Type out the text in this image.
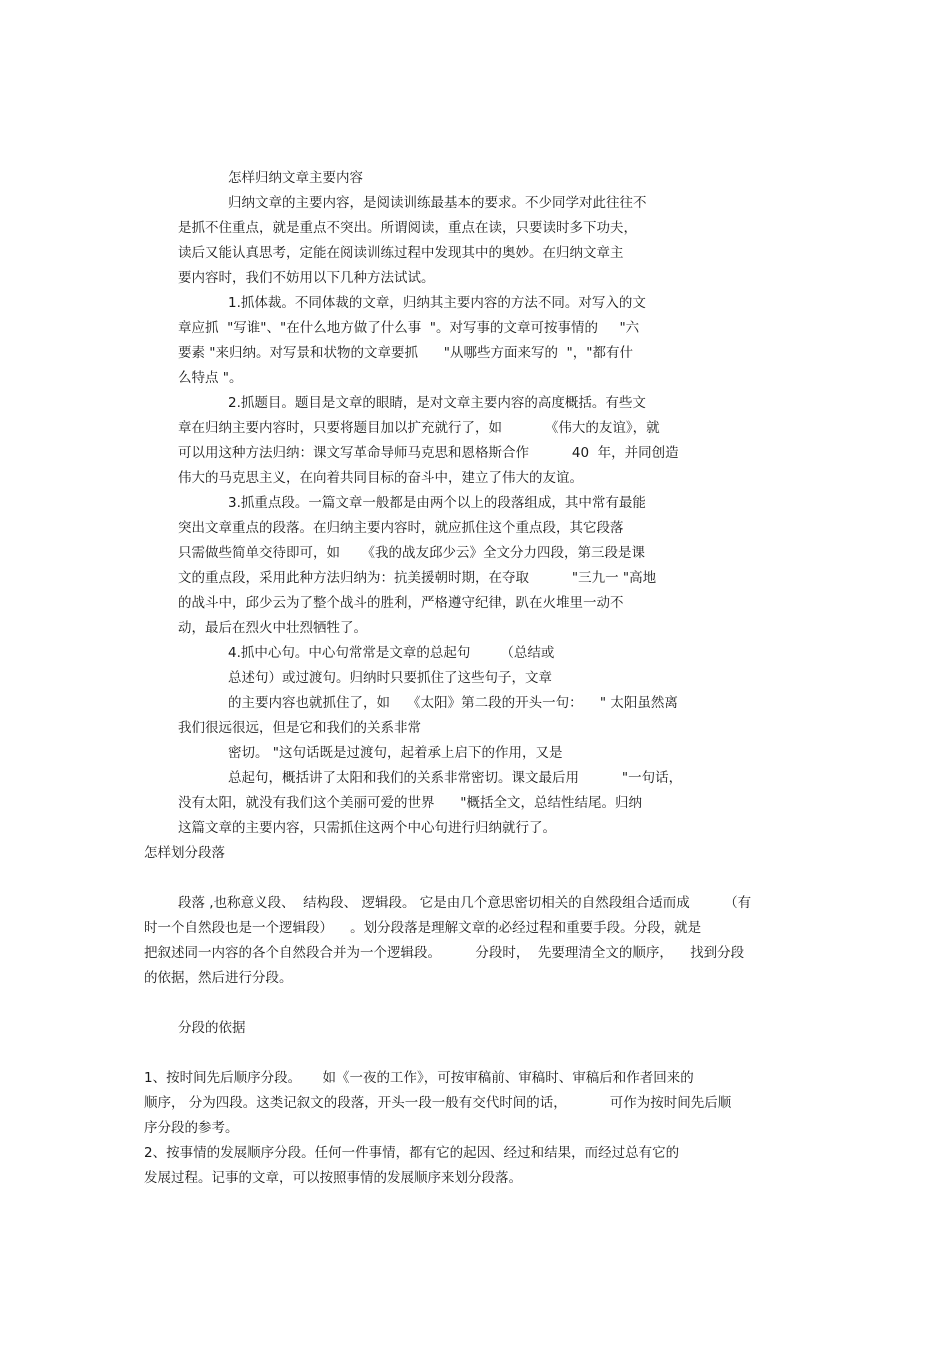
怎样归纳文章主要内容
归纳文章的主要内容，是阅读训练最基本的要求。不少同学对此往往不
是抓不住重点，就是重点不突出。所谓阅读，重点在读，只要读时多下功夫，
读后又能认真思考，定能在阅读训练过程中发现其中的奥妙。在归纳文章主
要内容时，我们不妨用以下几种方法试试。
1.抓体裁。不同体裁的文章，归纳其主要内容的方法不同。对写入的文
章应抓  "写谁"、"在什么地方做了什么事  "。对写事的文章可按事情的     "六
要素 "来归纳。对写景和状物的文章要抓      "从哪些方面来写的  "，"都有什
么特点 "。
2.抓题目。题目是文章的眼睛，是对文章主要内容的高度概括。有些文
章在归纳主要内容时，只要将题目加以扩充就行了，如          《伟大的友谊》，就
可以用这种方法归纳：课文写革命导师马克思和恩格斯合作          40  年，并同创造
伟大的马克思主义，在向着共同目标的奋斗中，建立了伟大的友谊。
3.抓重点段。一篇文章一般都是由两个以上的段落组成，其中常有最能
突出文章重点的段落。在归纳主要内容时，就应抓住这个重点段，其它段落
只需做些简单交待即可，如     《我的战友邱少云》全文分力四段，第三段是课
文的重点段，采用此种方法归纳为：抗美援朝时期，在夺取          "三九一 "高地
的战斗中，邱少云为了整个战斗的胜利，严格遵守纪律，趴在火堆里一动不
动，最后在烈火中壮烈牺牲了。
4.抓中心句。中心句常常是文章的总起句       （总结或
总述句）或过渡句。归纳时只要抓住了这些句子，文章
的主要内容也就抓住了，如    《太阳》第二段的开头一句：    " 太阳虽然离
我们很远很远，但是它和我们的关系非常
密切。 "这句话既是过渡句，起着承上启下的作用，又是
总起句，概括讲了太阳和我们的关系非常密切。课文最后用          "一句话，
没有太阳，就没有我们这个美丽可爱的世界      "概括全文，总结性结尾。归纳
这篇文章的主要内容，只需抓住这两个中心句进行归纳就行了。
怎样划分段落
段落 ,也称意义段、  结构段、 逻辑段。 它是由几个意思密切相关的自然段组合适而成        （有
时一个自然段也是一个逻辑段）    。划分段落是理解文章的必经过程和重要手段。分段，就是
把叙述同一内容的各个自然段合并为一个逻辑段。        分段时，  先要理清全文的顺序，    找到分段
的依据，然后进行分段。
分段的依据
1、按时间先后顺序分段。     如《一夜的工作》，可按审稿前、审稿时、审稿后和作者回来的
顺序， 分为四段。这类记叙文的段落，开头一段一般有交代时间的话，          可作为按时间先后顺
序分段的参考。
2、按事情的发展顺序分段。任何一件事情，都有它的起因、经过和结果，而经过总有它的
发展过程。记事的文章，可以按照事情的发展顺序来划分段落。
